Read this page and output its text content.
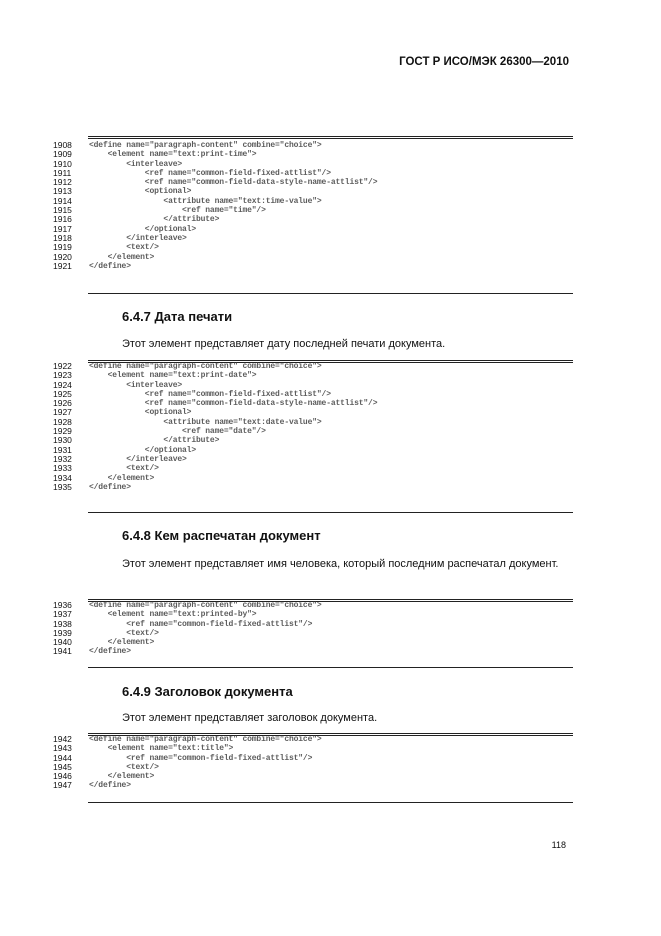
ГОСТ Р ИСО/МЭК 26300—2010
1908	<define name="paragraph-content" combine="choice">
1909	<element name="text:print-time">
1910	<interleave>
1911	<ref name="common-field-fixed-attlist"/>
1912	<ref name="common-field-data-style-name-attlist"/>
1913	<optional>
1914	<attribute name="text:time-value">
1915	<ref name="time"/>
1916	</attribute>
1917	</optional>
1918	</interleave>
1919	<text/>
1920	</element>
1921	</define>
6.4.7 Дата печати
Этот элемент представляет дату последней печати документа.
1922	<define name="paragraph-content" combine="choice">
1923	<element name="text:print-date">
1924	<interleave>
1925	<ref name="common-field-fixed-attlist"/>
1926	<ref name="common-field-data-style-name-attlist"/>
1927	<optional>
1928	<attribute name="text:date-value">
1929	<ref name="date"/>
1930	</attribute>
1931	</optional>
1932	</interleave>
1933	<text/>
1934	</element>
1935	</define>
6.4.8 Кем распечатан документ
Этот элемент представляет имя человека, который последним распечатал документ.
1936	<define name="paragraph-content" combine="choice">
1937	<element name="text:printed-by">
1938	<ref name="common-field-fixed-attlist"/>
1939	<text/>
1940	</element>
1941	</define>
6.4.9 Заголовок документа
Этот элемент представляет заголовок документа.
1942	<define name="paragraph-content" combine="choice">
1943	<element name="text:title">
1944	<ref name="common-field-fixed-attlist"/>
1945	<text/>
1946	</element>
1947	</define>
118
